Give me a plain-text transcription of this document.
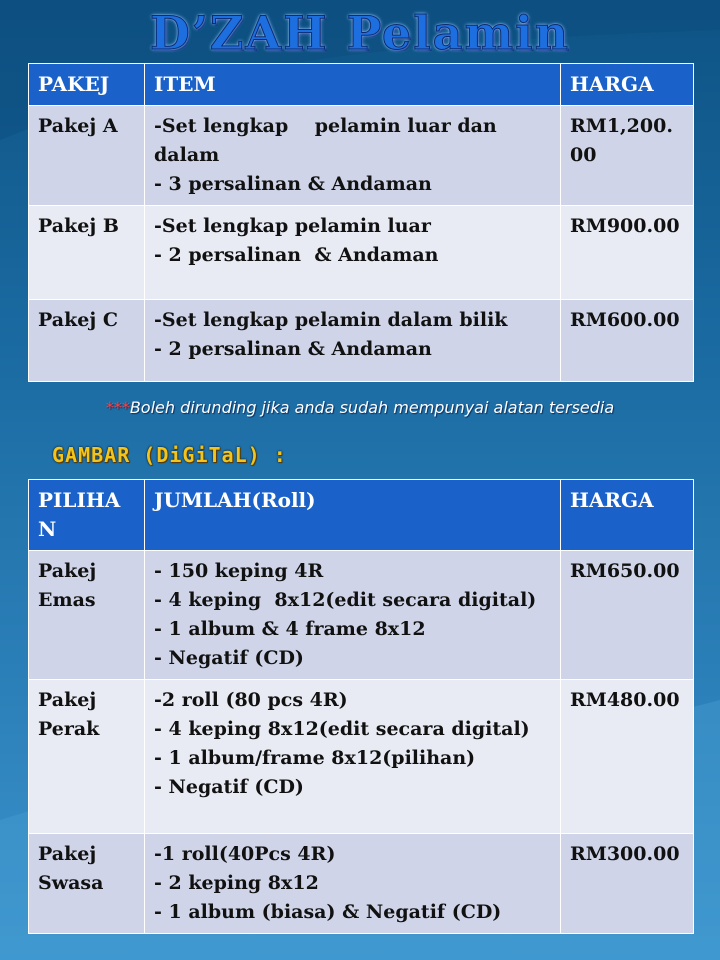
D’ZAH Pelamin
PAKEJ	ITEM	HARGA
Pakej A	-Set lengkap    pelamin luar dan dalam
- 3 persalinan & Andaman	RM1,200.00
Pakej B	-Set lengkap pelamin luar
- 2 persalinan  & Andaman	RM900.00
Pakej C	-Set lengkap pelamin dalam bilik
- 2 persalinan & Andaman	RM600.00
***Boleh dirunding jika anda sudah mempunyai alatan tersedia
GAMBAR (DiGiTaL) :
PILIHAN	JUMLAH(Roll)	HARGA
Pakej Emas	- 150 keping 4R
- 4 keping  8x12(edit secara digital)
- 1 album & 4 frame 8x12
- Negatif (CD)	RM650.00
Pakej Perak	-2 roll (80 pcs 4R)
- 4 keping 8x12(edit secara digital)
- 1 album/frame 8x12(pilihan)
- Negatif (CD)	RM480.00
Pakej Swasa	-1 roll(40Pcs 4R)
- 2 keping 8x12
- 1 album (biasa) & Negatif (CD)	RM300.00
